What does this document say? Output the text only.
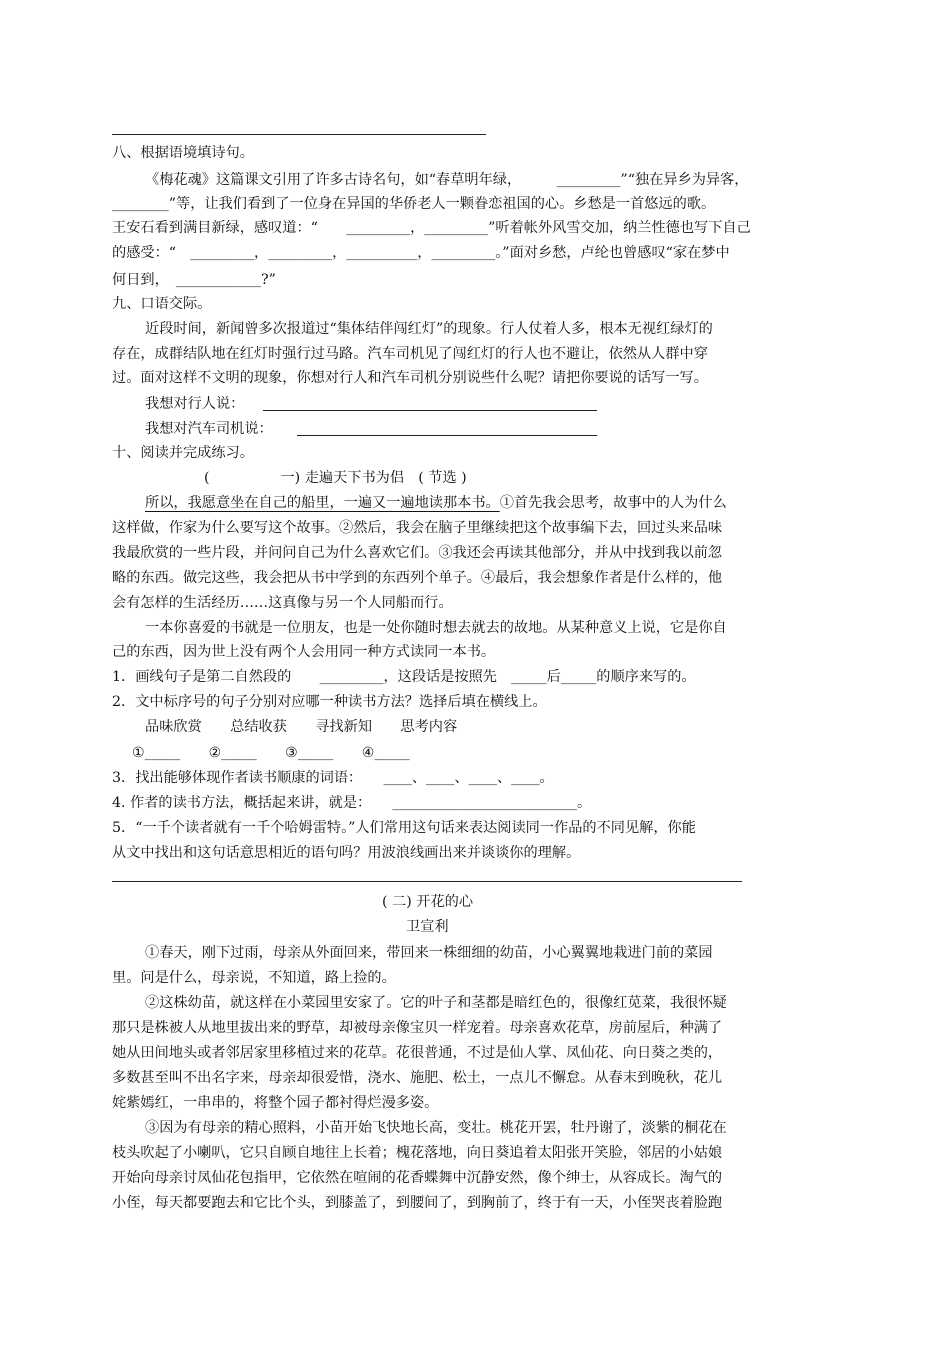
八、根据语境填诗句。
《梅花魂》这篇课文引用了许多古诗名句，如“春草明年绿，　　　_________”“独在异乡为异客，
________”等，让我们看到了一位身在异国的华侨老人一颗眷恋祖国的心。乡愁是一首悠远的歌。
王安石看到满目新绿，感叹道：“　　_________，_________”听着帐外风雪交加，纳兰性德也写下自己
的感受：“　_________，_________，__________，_________。”面对乡愁，卢纶也曾感叹“家在梦中
何日到，　____________?”
九、口语交际。
近段时间，新闻曾多次报道过“集体结伴闯红灯”的现象。行人仗着人多，根本无视红绿灯的
存在，成群结队地在红灯时强行过马路。汽车司机见了闯红灯的行人也不避让，依然从人群中穿
过。面对这样不文明的现象，你想对行人和汽车司机分别说些什么呢？请把你要说的话写一写。
我想对行人说：
我想对汽车司机说：
十、阅读并完成练习。
(　　　　　一) 走遍天下书为侣　( 节选 )
所以，我愿意坐在自己的船里，一遍又一遍地读那本书。①首先我会思考，故事中的人为什么
这样做，作家为什么要写这个故事。②然后，我会在脑子里继续把这个故事编下去，回过头来品味
我最欣赏的一些片段，并问问自己为什么喜欢它们。③我还会再读其他部分，并从中找到我以前忽
略的东西。做完这些，我会把从书中学到的东西列个单子。④最后，我会想象作者是什么样的，他
会有怎样的生活经历……这真像与另一个人同船而行。
一本你喜爱的书就是一位朋友，也是一处你随时想去就去的故地。从某种意义上说，它是你自
己的东西，因为世上没有两个人会用同一种方式读同一本书。
1．画线句子是第二自然段的　　_________，这段话是按照先　_____后_____的顺序来写的。
2．文中标序号的句子分别对应哪一种读书方法？选择后填在横线上。
品味欣赏　　总结收获　　寻找新知　　思考内容
①_____　　②_____　　③_____　　④_____
3．找出能够体现作者读书顺康的词语：　　____、____、____、____。
4. 作者的读书方法，概括起来讲，就是：　　__________________________。
5．“一千个读者就有一千个哈姆雷特。”人们常用这句话来表达阅读同一作品的不同见解，你能
从文中找出和这句话意思相近的语句吗？用波浪线画出来并谈谈你的理解。
( 二) 开花的心
卫宣利
①春天，刚下过雨，母亲从外面回来，带回来一株细细的幼苗，小心翼翼地栽进门前的菜园
里。问是什么，母亲说，不知道，路上捡的。
②这株幼苗，就这样在小菜园里安家了。它的叶子和茎都是暗红色的，很像红苋菜，我很怀疑
那只是株被人从地里拔出来的野草，却被母亲像宝贝一样宠着。母亲喜欢花草，房前屋后，种满了
她从田间地头或者邻居家里移植过来的花草。花很普通，不过是仙人掌、凤仙花、向日葵之类的，
多数甚至叫不出名字来，母亲却很爱惜，浇水、施肥、松土，一点儿不懈怠。从春末到晚秋，花儿
姹紫嫣红，一串串的，将整个园子都衬得烂漫多姿。
③因为有母亲的精心照料，小苗开始飞快地长高，变壮。桃花开罢，牡丹谢了，淡紫的桐花在
枝头吹起了小喇叭，它只自顾自地往上长着；槐花落地，向日葵追着太阳张开笑脸，邻居的小姑娘
开始向母亲讨凤仙花包指甲，它依然在喧闹的花香蝶舞中沉静安然，像个绅士，从容成长。淘气的
小侄，每天都要跑去和它比个头，到膝盖了，到腰间了，到胸前了，终于有一天，小侄哭丧着脸跑
